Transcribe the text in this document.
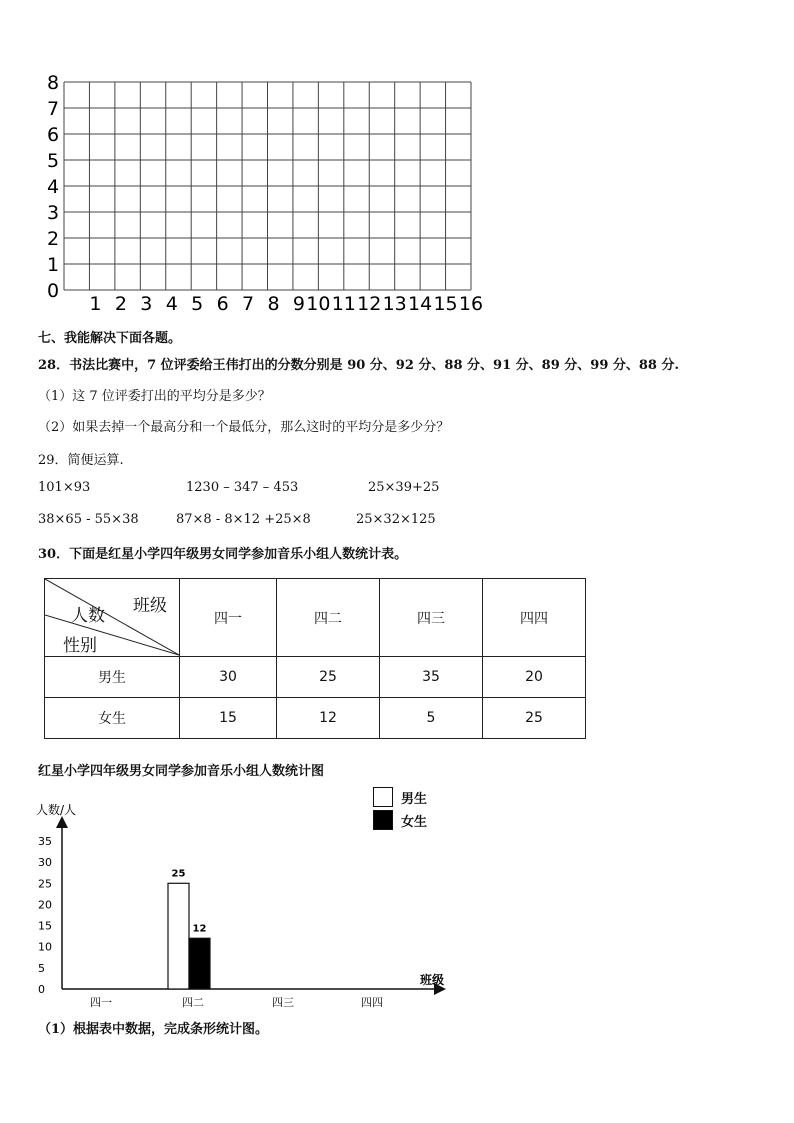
0
1
2
3
4
5
6
7
8
1 2 3 4 5 6 7 8 9 10 11 12 13 14 15 16
七、我能解决下面各题。
28．书法比赛中，7 位评委给王伟打出的分数分别是 90 分、92 分、88 分、91 分、89 分、99 分、88 分.
（1）这 7 位评委打出的平均分是多少？
（2）如果去掉一个最高分和一个最低分，那么这时的平均分是多少分？
29．简便运算.
101×93	1230 – 347 – 453	25×39+25
38×65 - 55×38	87×8 - 8×12 +25×8	25×32×125
30．下面是红星小学四年级男女同学参加音乐小组人数统计表。
班级
人数
性别	四一	四二	四三	四四
男生	30	25	35	20
女生	15	12	5	25
红星小学四年级男女同学参加音乐小组人数统计图
男生
女生
人数/人
班级
0
5
10
15
20
25
30
35
四一	四二	四三	四四
25
12
（1）根据表中数据，完成条形统计图。
